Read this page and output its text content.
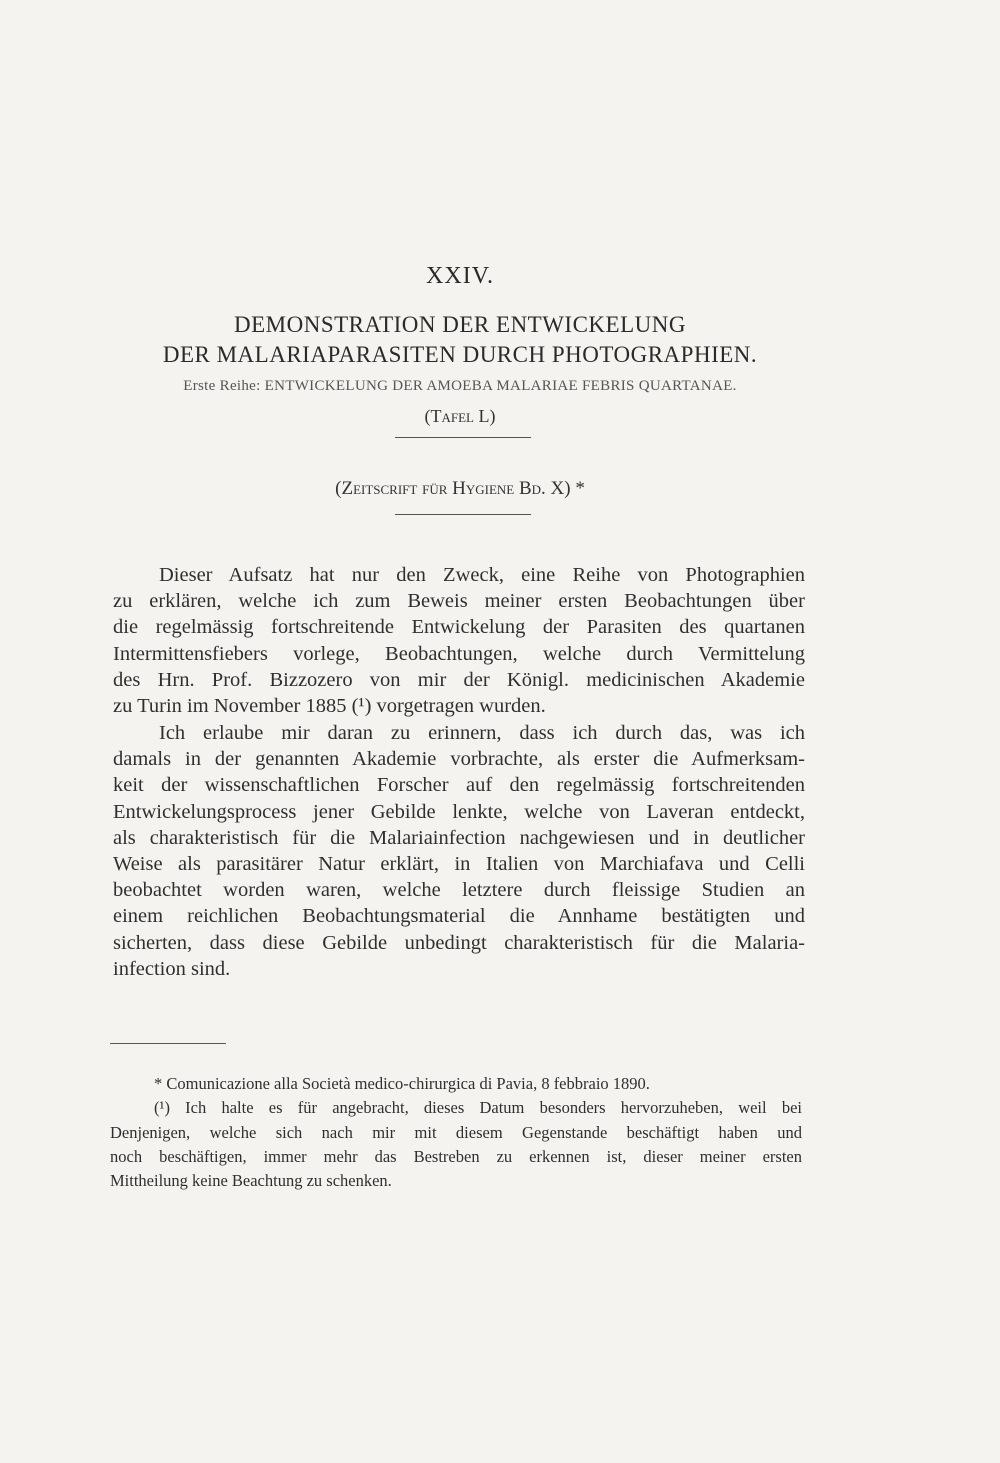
XXIV.
DEMONSTRATION DER ENTWICKELUNG
DER MALARIAPARASITEN DURCH PHOTOGRAPHIEN.
Erste Reihe: ENTWICKELUNG DER AMOEBA MALARIAE FEBRIS QUARTANAE.
(Tafel L)
(Zeitscrift für Hygiene Bd. X) *
Dieser Aufsatz hat nur den Zweck, eine Reihe von Photographien
zu erklären, welche ich zum Beweis meiner ersten Beobachtungen über
die regelmässig fortschreitende Entwickelung der Parasiten des quartanen
Intermittensfiebers vorlege, Beobachtungen, welche durch Vermittelung
des Hrn. Prof. Bizzozero von mir der Königl. medicinischen Akademie
zu Turin im November 1885 (¹) vorgetragen wurden.
Ich erlaube mir daran zu erinnern, dass ich durch das, was ich
damals in der genannten Akademie vorbrachte, als erster die Aufmerksam-
keit der wissenschaftlichen Forscher auf den regelmässig fortschreitenden
Entwickelungsprocess jener Gebilde lenkte, welche von Laveran entdeckt,
als charakteristisch für die Malariainfection nachgewiesen und in deutlicher
Weise als parasitärer Natur erklärt, in Italien von Marchiafava und Celli
beobachtet worden waren, welche letztere durch fleissige Studien an
einem reichlichen Beobachtungsmaterial die Annhame bestätigten und
sicherten, dass diese Gebilde unbedingt charakteristisch für die Malaria-
infection sind.
* Comunicazione alla Società medico-chirurgica di Pavia, 8 febbraio 1890.
(¹) Ich halte es für angebracht, dieses Datum besonders hervorzuheben, weil bei
Denjenigen, welche sich nach mir mit diesem Gegenstande beschäftigt haben und
noch beschäftigen, immer mehr das Bestreben zu erkennen ist, dieser meiner ersten
Mittheilung keine Beachtung zu schenken.
